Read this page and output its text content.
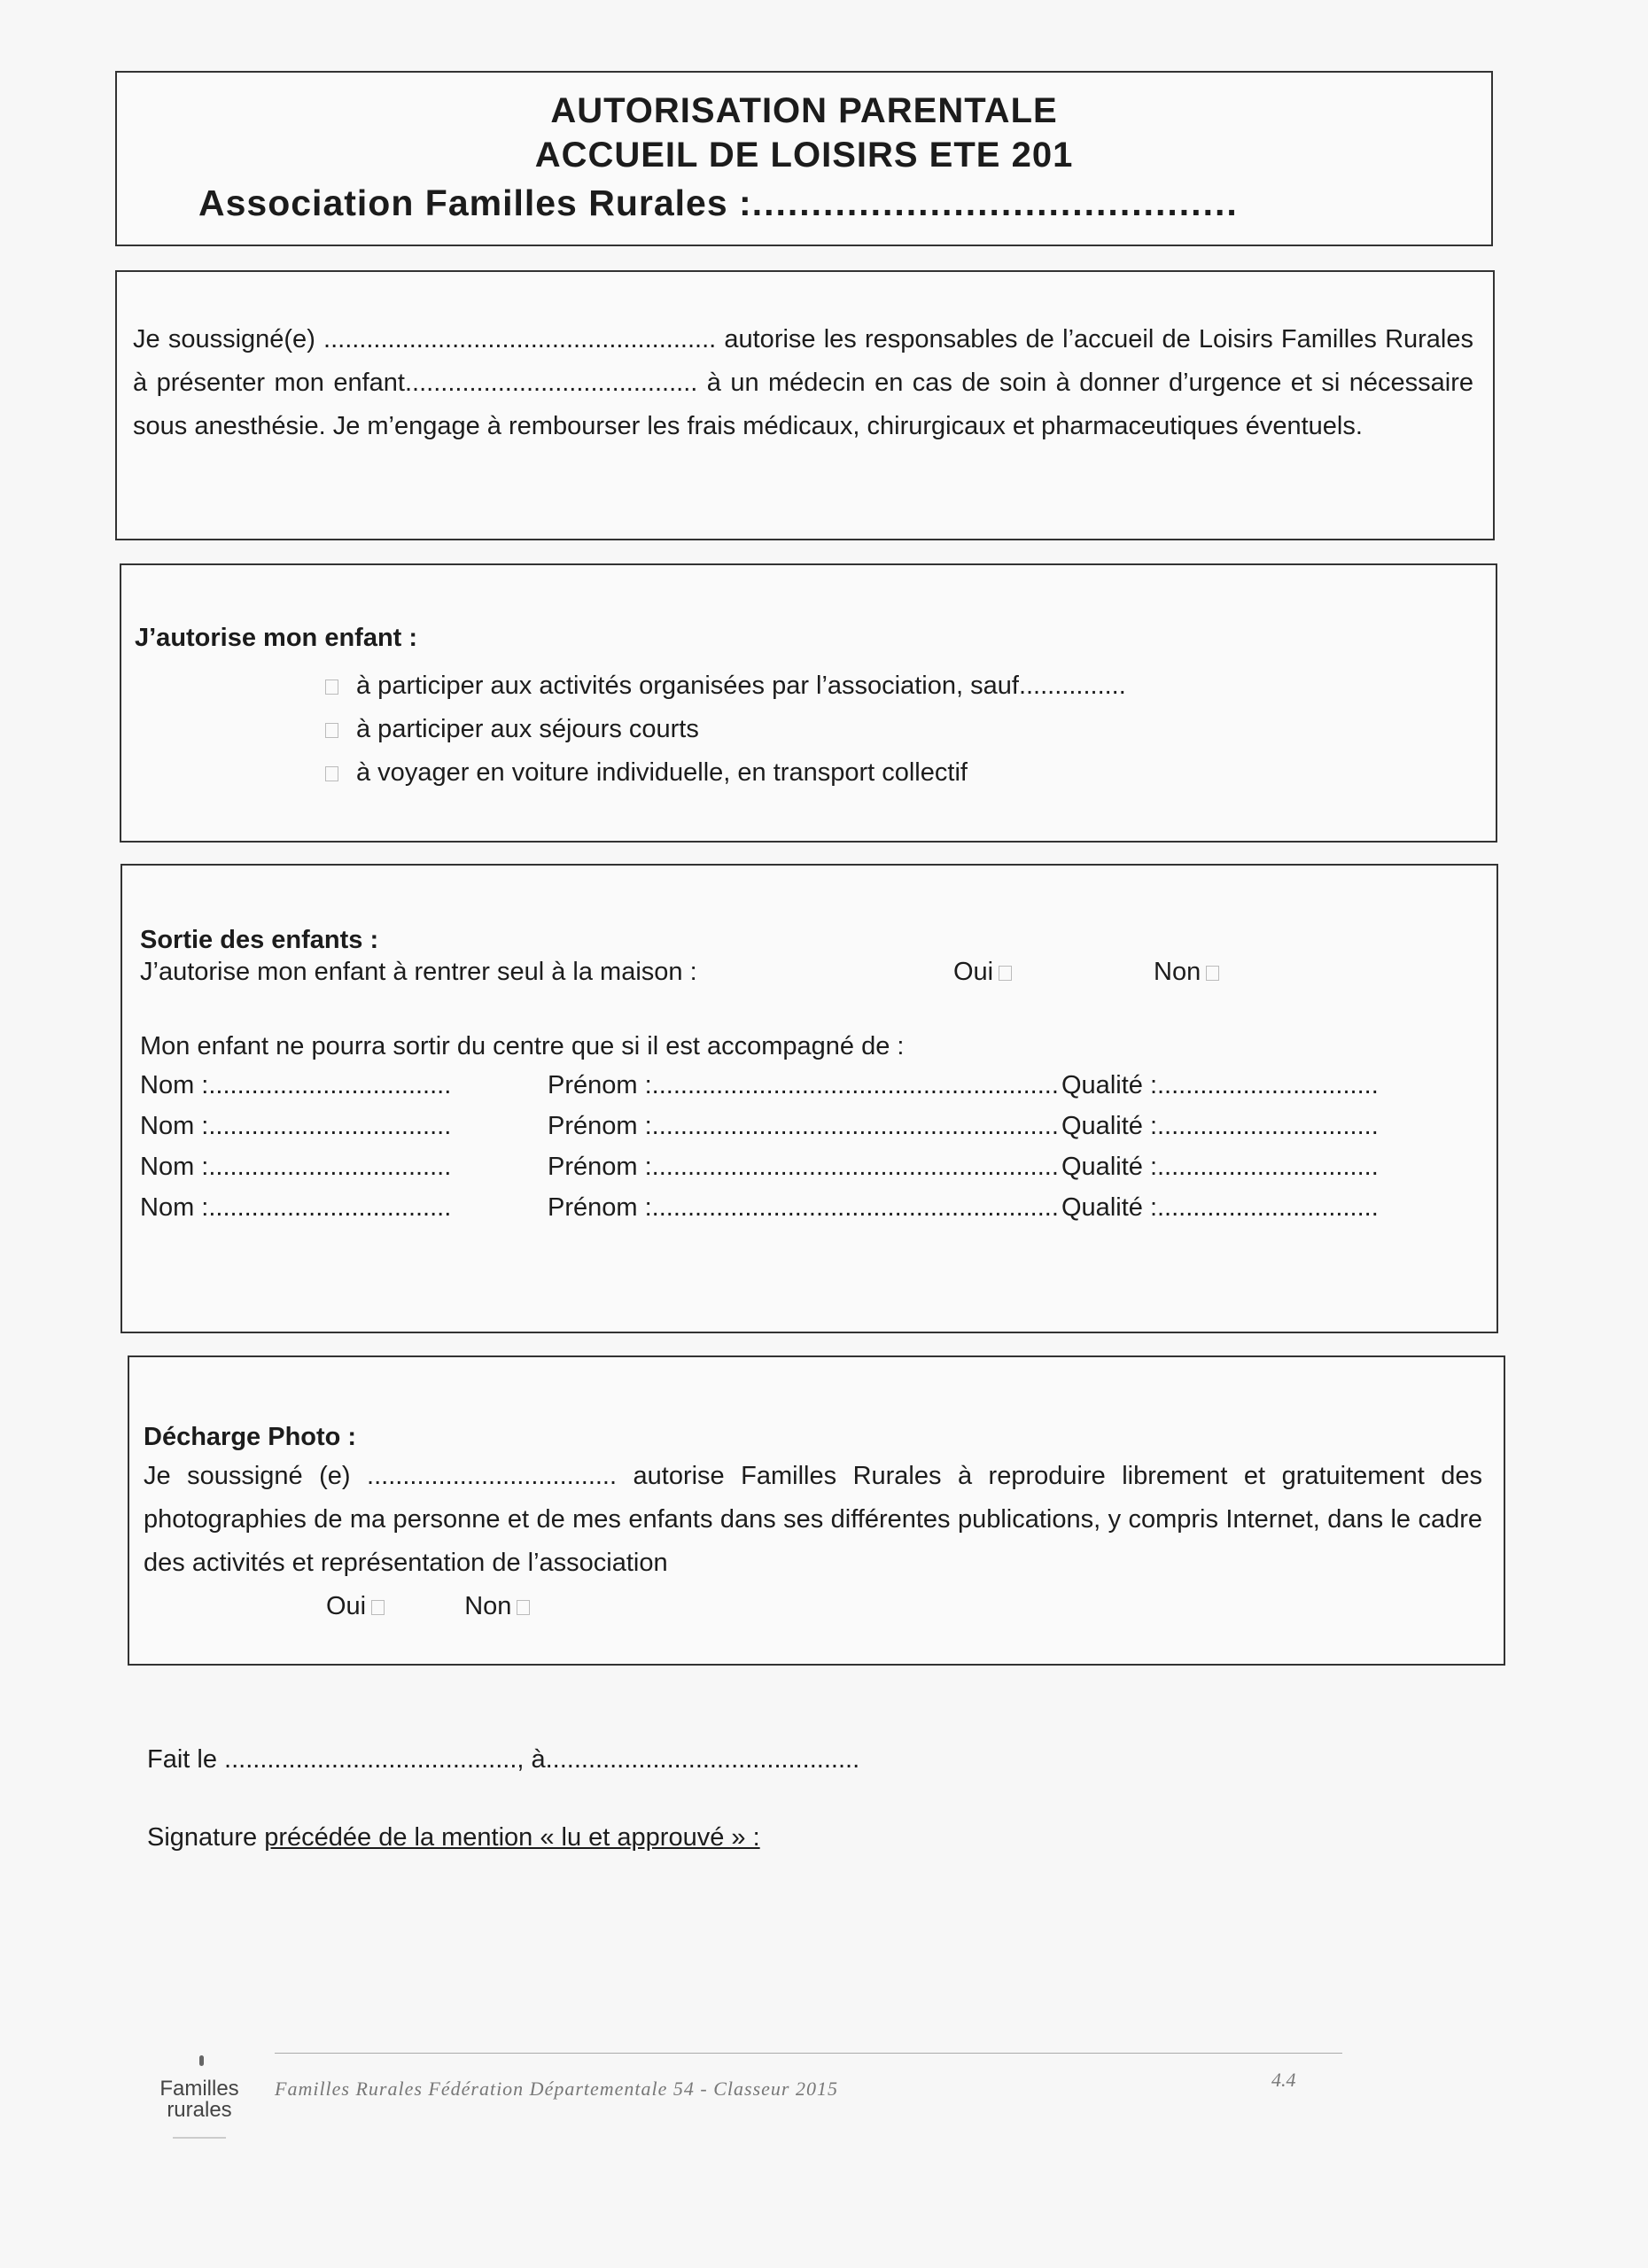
AUTORISATION PARENTALE
ACCUEIL DE LOISIRS ETE 201
Association Familles Rurales :.........................................

Je soussigné(e) ....................................................... autorise les responsables de l’accueil de Loisirs Familles Rurales à présenter mon enfant......................................... à un médecin en cas de soin à donner d’urgence et si nécessaire sous anesthésie. Je m’engage à rembourser les frais médicaux, chirurgicaux et pharmaceutiques éventuels.

J’autorise mon enfant :
à participer aux activités organisées par l’association, sauf...............
à participer aux séjours courts
à voyager en voiture individuelle, en transport collectif
Sortie des enfants :
J’autorise mon enfant à rentrer seul à la maison :	Oui	Non
Mon enfant ne pourra sortir du centre que si il est accompagné de :
Nom :..................................	Prénom :......................................................... Qualité :...............................
Nom :..................................	Prénom :......................................................... Qualité :...............................
Nom :..................................	Prénom :......................................................... Qualité :...............................
Nom :..................................	Prénom :......................................................... Qualité :...............................
Décharge Photo :

Je soussigné (e) ................................... autorise Familles Rurales à reproduire librement et gratuitement des photographies de ma personne et de mes enfants dans ses différentes publications, y compris Internet, dans le cadre des activités et représentation de l’association

Oui	Non
Fait le ........................................., à............................................
Signature précédée de la mention « lu et approuvé » :
Familles
rurales
Familles Rurales Fédération Départementale 54 - Classeur 2015	4.4
